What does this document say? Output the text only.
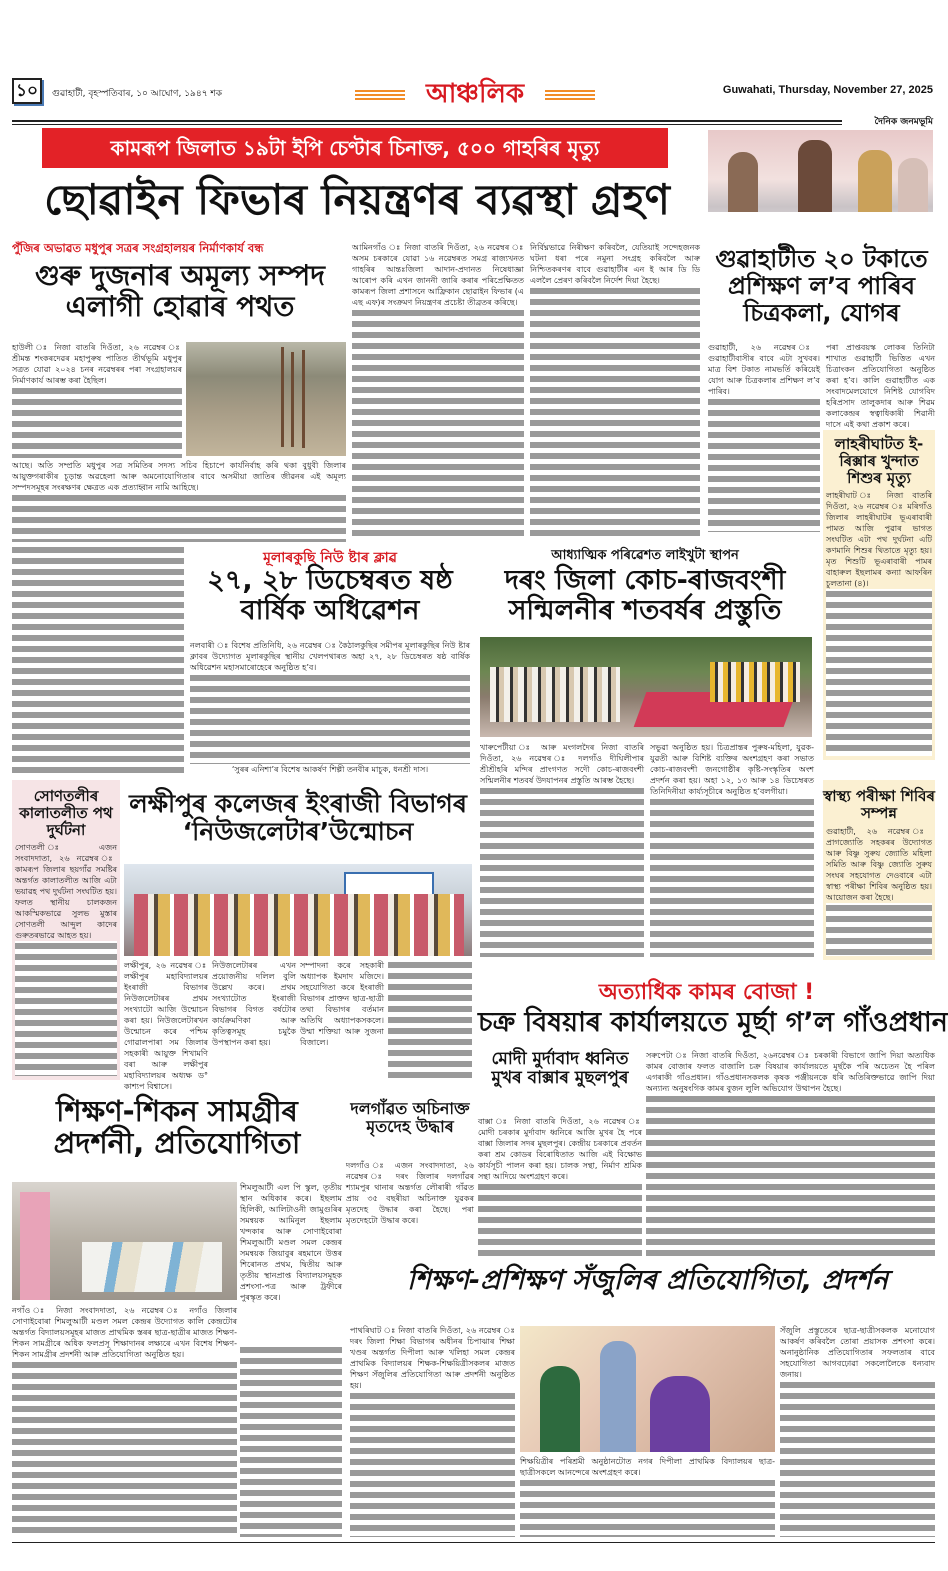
১০	গুৱাহাটী, বৃহস্পতিবাৰ, ১০ আঘোণ, ১৯৪৭ শক	আঞ্চলিক	Guwahati, Thursday, November 27, 2025
দৈনিক জনমভূমি
কামৰূপ জিলাত ১৯টা ইপি চেণ্টাৰ চিনাক্ত, ৫০০ গাহৰিৰ মৃত্যু
ছোৱাইন ফিভাৰ নিয়ন্ত্ৰণৰ ব্যৱস্থা গ্ৰহণ
আমিনগাঁও ঃ নিজা বাতৰি দিওঁতা, ২৬ নৱেম্বৰ ঃ অসম চৰকাৰে যোৱা ১৬ নৱেম্বৰত সমগ্ৰ ৰাজ্যখনত গাহৰিৰ আন্তঃজিলা আদান-প্ৰদানত নিষেধাজ্ঞা আৰোপ কৰি এখন জাননী জাৰি কৰাৰ পৰিপ্ৰেক্ষিতত কামৰূপ জিলা প্ৰশাসনে আফ্ৰিকান ছোৱাইন ফিভাৰ (এ এছ এফ)ৰ সংক্ৰমণ নিয়ন্ত্ৰণৰ প্ৰচেষ্টা তীব্ৰতৰ কৰিছে।
নিৰ্বিঘ্নভাৱে নিৰীক্ষণ কৰিবলৈ, যেতিয়াই সন্দেহজনক ঘটনা ধৰা পৰে নমুনা সংগ্ৰহ কৰিবলৈ আৰু নিশ্চিতকৰণৰ বাবে গুৱাহাটীৰ এন ই আৰ ডি ডি এললৈ প্ৰেৰণ কৰিবলৈ নিৰ্দেশ দিয়া হৈছে।
পুঁজিৰ অভাৱত মধুপুৰ সত্ৰৰ সংগ্ৰহালয়ৰ নিৰ্মাণকাৰ্য বন্ধ
গুৰু দুজনাৰ অমূল্য সম্পদ এলাগী হোৱাৰ পথত
হাউলী ঃ নিজা বাতৰি দিওঁতা, ২৬ নৱেম্বৰ ঃ শ্ৰীমন্ত শংকৰদেৱৰ মহাপুৰুষ পাতিত তীৰ্থভূমি মধুপুৰ সত্ৰত যোৱা ২০২৪ চনৰ নৱেম্বৰৰ পৰা সংগ্ৰহালয়ৰ নিৰ্মাণকাৰ্য আৰম্ভ কৰা হৈছিল।
আছে। অতি সম্প্ৰতি মধুপুৰ সত্ৰ সমিতিৰ সদস্য সচিব হিচাপে কাৰ্যনিৰ্বাহ কৰি থকা বুধুবী জিলাৰ আয়ুক্তগৰাকীৰ চূড়ান্ত অৱহেলা আৰু অমনোযোগিতাৰ বাবে অসমীয়া জাতিৰ জীৱনৰ এই অমূল্য সম্পদসমূহৰ সংৰক্ষণৰ ক্ষেত্ৰত এক প্ৰত্যাহ্বান নামি আহিছে।
গুৱাহাটীত ২০ টকাতে প্ৰশিক্ষণ ল’ব পাৰিব চিত্ৰকলা, যোগৰ
গুৱাহাটী, ২৬ নৱেম্বৰ ঃ গুৱাহাটীবাসীৰ বাবে এটা সুখবৰ। মাত্ৰ বিশ টকাত নামভৰ্তি কৰিয়েই যোগ আৰু চিত্ৰকলাৰ প্ৰশিক্ষণ ল’ব পাৰিব।
পৰা প্ৰাপ্তবয়স্ক লোকৰ তিনিটা শাখাত গুৱাহাটী ভিত্তিত এখন চিত্ৰাংকন প্ৰতিযোগিতা অনুষ্ঠিত কৰা হ’ব। কালি গুৱাহাটীত এক সংবাদমেলযোগে নিশিষ্ট যোগবিদ হৰিপ্ৰসাদ তালুকদাৰ আৰু শিৱম কলাকেন্দ্ৰৰ স্বত্বাধিকাৰী শিৱানী দাসে এই কথা প্ৰকাশ কৰে।
লাহৰীঘাটত ই-ৰিক্সাৰ খুন্দাত শিশুৰ মৃত্যু
লাহৰীঘাট ঃ নিজা বাতৰি দিওঁতা, ২৬ নৱেম্বৰ ঃ মৰিগাঁও জিলাৰ লাহৰীঘাটৰ ভূএৰাবাৰী পামত আজি পুৱাৰ ভাগত সংঘটিত এটা পথ দুৰ্ঘটনা এটি কণমানি শিশুৰ থিতাতে মৃত্যু হয়। মৃত শিশুটি ভূএৰাবাৰী পামৰ বাহাৰুল ইছলামৰ কন্যা আফৰিন চুলতানা (৪)।
স্বাস্থ্য পৰীক্ষা শিবিৰ সম্পন্ন
গুৱাহাটী, ২৬ নৱেম্বৰ ঃ প্ৰাগজ্যোতি সহকৰৰ উদ্যোগত আৰু বিষ্ণু সুৰুয জ্যোতি মহিলা সমিতি আৰু বিষ্ণু জ্যোতি সুৰুয সংঘৰ সহযোগত দেওবাৰে এটা স্বাস্থ্য পৰীক্ষা শিবিৰ অনুষ্ঠিত হয়। আয়োজন কৰা হৈছে।
মূলাৰকুছি নিউ ষ্টাৰ ক্লাৱ
২৭, ২৮ ডিচেম্বৰত ষষ্ঠ বাৰ্ষিক অধিৱেশন
নলবাৰী ঃ বিশেষ প্ৰতিনিধি, ২৬ নৱেম্বৰ ঃ কৈঠালকুছিৰ সমীপৰ মূলাৰকুছিৰ নিউ ষ্টাৰ ক্লাবৰ উদ্যোগত মূলাৰকুছিৰ স্থানীয় খেলপথাৰত অহা ২৭, ২৮ ডিচেম্বৰত ষষ্ঠ বাৰ্ষিক অধিৱেশন মহাসমাৰোহেৰে অনুষ্ঠিত হ’ব।
‘সুৰৰ এনিশা’ৰ বিশেষ আকৰ্ষণ শিল্পী তনবীৰ মাচুক, ধনশ্ৰী দাস।
আধ্যাত্মিক পৰিৱেশত লাইখুটা স্থাপন
দৰং জিলা কোচ-ৰাজবংশী সন্মিলনীৰ শতবৰ্ষৰ প্ৰস্তুতি
খাৰুপেটীয়া ঃ আৰু মংগলদৈৰ নিজা বাতৰি দিওঁতা, ২৬ নৱেম্বৰ ঃ দলগাঁও দীঘিলীপাৰ শ্ৰীশ্ৰীহৰি মন্দিৰ প্ৰাংগণত সদৌ কোচ-ৰাজবংশী সন্মিলনীৰ শতবৰ্ষ উদযাপনৰ প্ৰস্তুতি আৰম্ভ হৈছে।
সভুৱা অনুষ্ঠিত হয়। চিত্ৰপ্ৰান্তৰ পুৰুষ-মহিলা, যুৱক-যুৱতী আৰু বিশিষ্ট ব্যক্তিৰ অংশগ্ৰহণ কৰা সভাত কোচ-ৰাজবংশী জনগোষ্ঠীৰ কৃষ্টি-সংস্কৃতিৰ অংশ প্ৰদৰ্শন কৰা হয়। অহা ১২, ১৩ আৰু ১৪ ডিচেম্বৰত তিনিদিনীয়া কাৰ্য্যসূচীৰে অনুষ্ঠিত হ’বলগীয়া।
সোণতলীৰ কালাতলীত পথ দুৰ্ঘটনা
সোণতলী ঃ এজন সংবাদদাতা, ২৬ নৱেম্বৰ ঃ কামৰূপ জিলাৰ ছয়গাঁৱ সমষ্টিৰ অন্তৰ্গত কালাতলীত আজি এটা ভয়াৱহ পথ দুৰ্ঘটনা সংঘটিত হয়। ফলত স্থানীয় চালকজন আকস্মিকভাৱে সুলভ মুস্তাৰ সোণতলী আব্দুল কাদেৰ গুৰুতৰভাৱে আহত হয়।
লক্ষীপুৰ কলেজৰ ইংৰাজী বিভাগৰ ‘নিউজলেটাৰ’উন্মোচন
লক্ষীপুৰ, ২৬ নৱেম্বৰ ঃ লক্ষীপুৰ মহাবিদ্যালয়ৰ ইংৰাজী বিভাগৰ নিউজলেটাৰৰ প্ৰথম সংখ্যাটো আজি উন্মোচন কৰা হয়। নিউজলেটাৰখন উন্মোচন কৰে পশ্চিম গোৱালপাৰা সম জিলাৰ সহকাৰী আয়ুক্ত শিখামণি বৰা আৰু লক্ষীপুৰ মহাবিদ্যালয়ৰ অধ্যক্ষ ড° কাশ্যপ বিশ্বাসে।
নিউজলেটাৰৰ এখন প্ৰয়োজনীয় দলিল বুলি উল্লেখ কৰে। প্ৰথম সংখ্যাটোত ইংৰাজী বিভাগৰ বিগত বৰ্ষটোৰ কাৰ্যক্ৰমণিকা আৰু কৃতিত্বসমূহ চমুকৈ উপস্থাপন কৰা হয়।
সম্পাদনা কৰে সহকাৰী অধ্যাপক ইমদাদ মজিদে। সহযোগিতা কৰে ইংৰাজী বিভাগৰ প্ৰাক্তন ছাত্ৰ-ছাত্ৰী তথা বিভাগৰ বৰ্তমান অতিথি অধ্যাপকসকলে। উম্মা শক্তিয়া আৰু সুজনা বিজালে।
অত্যাধিক কামৰ বোজা !
চক্ৰ বিষয়াৰ কাৰ্যালয়তে মূৰ্ছা গ’ল গাঁওপ্ৰধান
সৰুপেটা ঃ নিজা বাতৰি দিওঁতা, ২৬নৱেম্বৰ ঃ চৰকাৰী বিভাগে জাপি দিয়া অত্যধিক কামৰ বোজাৰ ফলত বাজালি চক্ৰ বিষয়াৰ কাৰ্যালয়তে মূৰ্ছকৈ পৰি অচেতন হৈ পৰিল এগৰাকী গাঁওপ্ৰধান। গাঁওপ্ৰধানসকলক কৃষক পঞ্জীয়নকে ধৰি অতিৰিক্তভাৱে জাপি দিয়া অন্যান্য অনুষংগিক কামৰ বুজন লুলি অভিযোগ উত্থাপন হৈছে।
মোদী মুৰ্দাবাদ ধ্বনিত মুখৰ বাক্সাৰ মুছলপুৰ
বাক্সা ঃ নিজা বাতৰি দিওঁতা, ২৬ নৱেম্বৰ ঃ মোদী চৰকাৰ মুৰ্দাবাদ ধ্বনিৰে আজি মুখৰ হৈ পৰে বাক্সা জিলাৰ সদৰ মুছলপুৰ। কেন্দ্ৰীয় চৰকাৰে প্ৰবৰ্তন কৰা শ্ৰম কোডৰ বিৰোধিতাত আজি এই বিক্ষোভ কাৰ্যসূচী পালন কৰা হয়। চালক সন্থা, নিৰ্মাণ শ্ৰমিক সন্থা আদিয়ে অংশগ্ৰহণ কৰে।
দলগাঁৱত অচিনাক্ত মৃতদেহ উদ্ধাৰ
দলগাঁও ঃ এজন সংবাদদাতা, ২৬ নৱেম্বৰ ঃ দৰং জিলাৰ দলগাঁৱৰ শ্যামপুৰ থানাৰ অন্তৰ্গত লৌৰাৰী গাঁৱত প্ৰায় ৩৫ বছৰীয়া অচিনাক্ত যুৱকৰ মৃতদেহ উদ্ধাৰ কৰা হৈছে। পৰা মৃতদেহটো উদ্ধাৰ কৰে।
শিক্ষণ-শিকন সামগ্ৰীৰ প্ৰদৰ্শনী, প্ৰতিযোগিতা
শিমলুআটী এল পি স্কুল, তৃতীয় স্থান অধিকাৰ কৰে। ইছলাম হিলিকী, আলিটাওনী জামুগুৰিৰ সমন্বয়ক আমিনুল ইছলাম খন্দকাৰ আৰু সোণাইবোৰা শিমলুআটী মণ্ডল সমল কেন্দ্ৰৰ সমন্বয়ক জিয়াবুৰ ৰহমানে উত্তৰ শিৰোনত প্ৰথম, দ্বিতীয় আৰু তৃতীয় স্থানপ্ৰাপ্ত বিদ্যালয়সমূহক প্ৰশংসা-পত্ৰ আৰু ট্ৰফীৰে পুৰস্কৃত কৰে।
নগাঁও ঃ নিজা সংবাদদাতা, ২৬ নৱেম্বৰ ঃ নগাঁও জিলাৰ সোণাইবোৰা শিমলুআটী মণ্ডল সমল কেন্দ্ৰৰ উদ্যোগত কালি কেন্দ্ৰটোৰ অন্তৰ্গত বিদ্যালয়সমূহৰ মাজত প্ৰাথমিক স্তৰৰ ছাত্ৰ-ছাত্ৰীৰ মাজত শিক্ষণ-শিকন সামগ্ৰীৰে অধিক ফলপ্ৰসূ শিক্ষাদানৰ লক্ষ্যৰে এখন বিশেষ শিক্ষণ-শিকন সামগ্ৰীৰ প্ৰদৰ্শনী আৰু প্ৰতিযোগিতা অনুষ্ঠিত হয়।
শিক্ষণ-প্ৰশিক্ষণ সঁজুলিৰ প্ৰতিযোগিতা, প্ৰদৰ্শন
পাথৰিঘাট ঃ নিজা বাতৰি দিওঁতা, ২৬ নৱেম্বৰ ঃ দৰং জিলা শিক্ষা বিভাগৰ অধীনৰ চিপাঝাৰ শিক্ষা খণ্ডৰ অন্তৰ্গত দিপীলা আৰু খলিহা সমল কেন্দ্ৰৰ প্ৰাথমিক বিদ্যালয়ৰ শিক্ষক-শিক্ষয়িত্ৰীসকলৰ মাজত শিক্ষণ সঁজুলিৰ প্ৰতিযোগিতা আৰু প্ৰদৰ্শনী অনুষ্ঠিত হয়।
শিক্ষয়িত্ৰীৰ পৰিশ্ৰমী অনুষ্ঠানটোত নগৰ দিপীলা প্ৰাথমিক বিদ্যালয়ৰ ছাত্ৰ-ছাত্ৰীসকলে আনন্দেৰে অংশগ্ৰহণ কৰে।
সঁজুলি প্ৰস্তুতেৰে ছাত্ৰ-ছাত্ৰীসকলক মনোযোগ আকৰ্ষণ কৰিবলৈ তোৰা প্ৰয়াসক প্ৰশংসা কৰে। অনানুষ্ঠানিক প্ৰতিযোগিতাৰ সফলতাৰ বাবে সহযোগিতা আগবঢ়োৱা সকলোলৈকে ধন্যবাদ জনায়।
